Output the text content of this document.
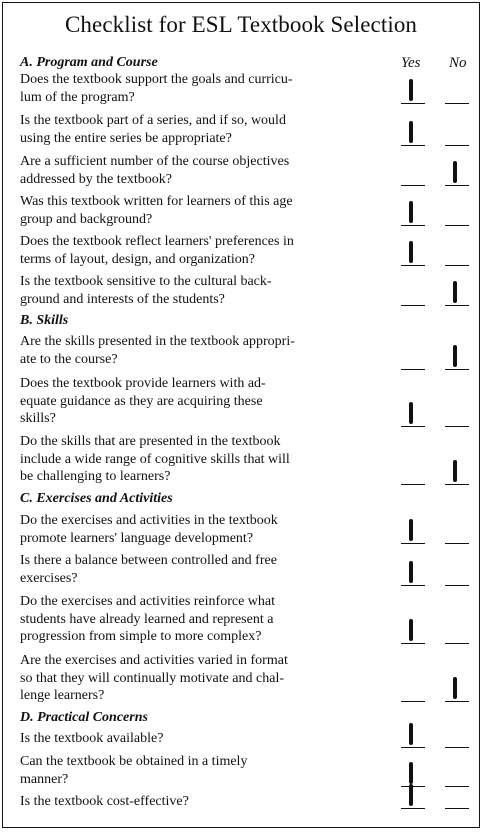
Checklist for ESL Textbook Selection
Yes No
A. Program and Course
B. Skills
C. Exercises and Activities
D. Practical Concerns
Does the textbook support the goals and curricu-
lum of the program?
Is the textbook part of a series, and if so, would
using the entire series be appropriate?
Are a sufficient number of the course objectives
addressed by the textbook?
Was this textbook written for learners of this age
group and background?
Does the textbook reflect learners' preferences in
terms of layout, design, and organization?
Is the textbook sensitive to the cultural back-
ground and interests of the students?
Are the skills presented in the textbook appropri-
ate to the course?
Does the textbook provide learners with ad-
equate guidance as they are acquiring these
skills?
Do the skills that are presented in the textbook
include a wide range of cognitive skills that will
be challenging to learners?
Do the exercises and activities in the textbook
promote learners' language development?
Is there a balance between controlled and free
exercises?
Do the exercises and activities reinforce what
students have already learned and represent a
progression from simple to more complex?
Are the exercises and activities varied in format
so that they will continually motivate and chal-
lenge learners?
Is the textbook available?
Can the textbook be obtained in a timely
manner?
Is the textbook cost-effective?
